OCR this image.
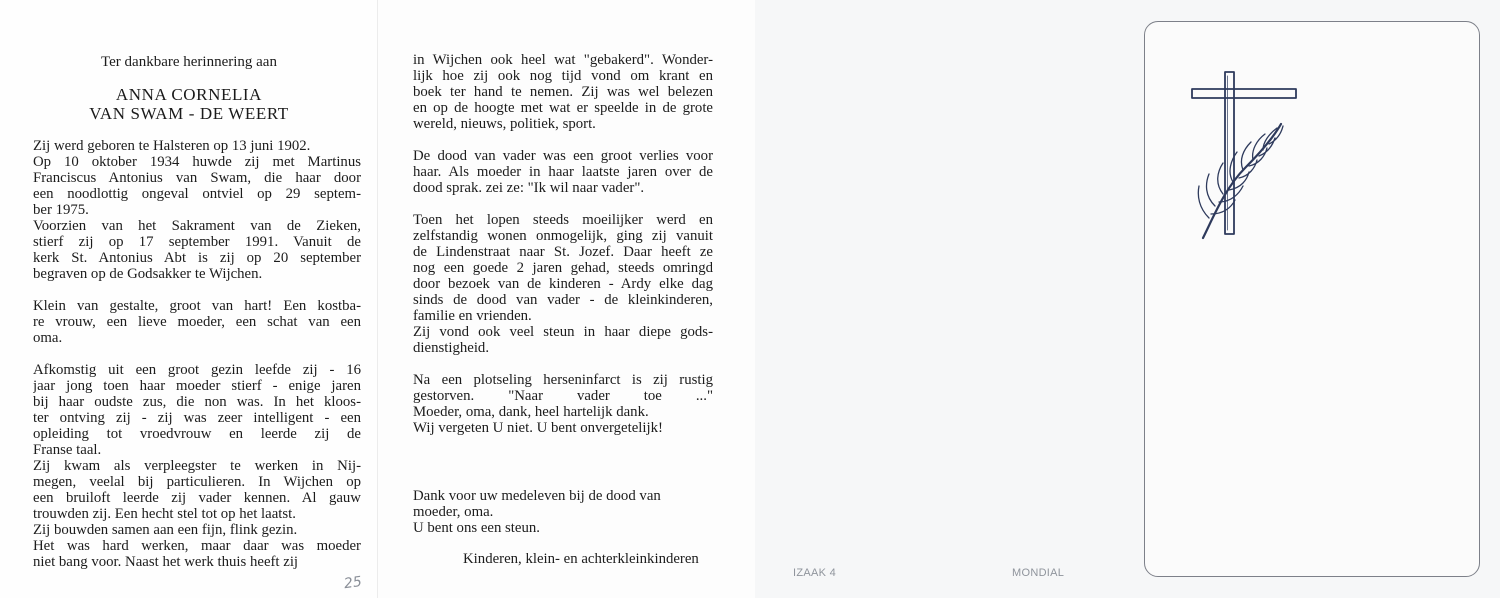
Ter dankbare herinnering aan
ANNA CORNELIA
VAN SWAM - DE WEERT

Zij werd geboren te Halsteren op 13 juni 1902.
Op 10 oktober 1934 huwde zij met Martinus
Franciscus Antonius van Swam, die haar door
een noodlottig ongeval ontviel op 29 septem-
ber 1975.
Voorzien van het Sakrament van de Zieken,
stierf zij op 17 september 1991. Vanuit de
kerk St. Antonius Abt is zij op 20 september
begraven op de Godsakker te Wijchen.

Klein van gestalte, groot van hart! Een kostba-
re vrouw, een lieve moeder, een schat van een
oma.

Afkomstig uit een groot gezin leefde zij - 16
jaar jong toen haar moeder stierf - enige jaren
bij haar oudste zus, die non was. In het kloos-
ter ontving zij - zij was zeer intelligent - een
opleiding tot vroedvrouw en leerde zij de
Franse taal.
Zij kwam als verpleegster te werken in Nij-
megen, veelal bij particulieren. In Wijchen op
een bruiloft leerde zij vader kennen. Al gauw
trouwden zij. Een hecht stel tot op het laatst.
Zij bouwden samen aan een fijn, flink gezin.
Het was hard werken, maar daar was moeder
niet bang voor. Naast het werk thuis heeft zij

in Wijchen ook heel wat "gebakerd". Wonder-
lijk hoe zij ook nog tijd vond om krant en
boek ter hand te nemen. Zij was wel belezen
en op de hoogte met wat er speelde in de grote
wereld, nieuws, politiek, sport.

De dood van vader was een groot verlies voor
haar. Als moeder in haar laatste jaren over de
dood sprak. zei ze: "Ik wil naar vader".

Toen het lopen steeds moeilijker werd en
zelfstandig wonen onmogelijk, ging zij vanuit
de Lindenstraat naar St. Jozef. Daar heeft ze
nog een goede 2 jaren gehad, steeds omringd
door bezoek van de kinderen - Ardy elke dag
sinds de dood van vader - de kleinkinderen,
familie en vrienden.
Zij vond ook veel steun in haar diepe gods-
dienstigheid.

Na een plotseling herseninfarct is zij rustig
gestorven. "Naar vader toe ..."
Moeder, oma, dank, heel hartelijk dank.
Wij vergeten U niet. U bent onvergetelijk!

Dank voor uw medeleven bij de dood van
moeder, oma.
U bent ons een steun.
Kinderen, klein- en achterkleinkinderen
25
IZAAK 4	MONDIAL
